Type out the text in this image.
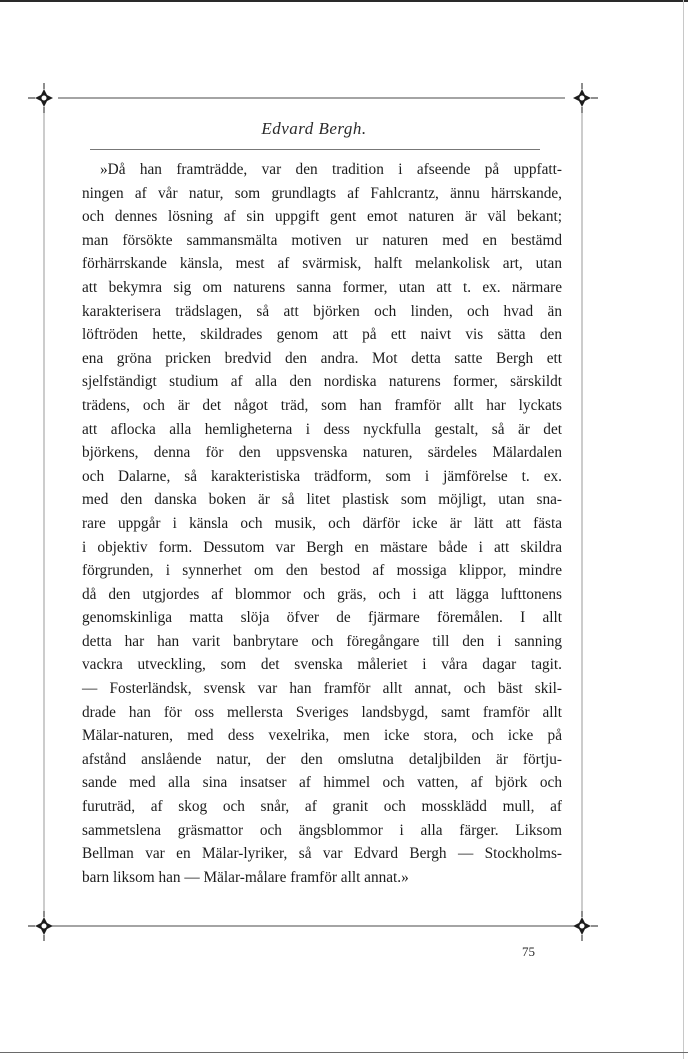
Edvard Bergh.
»Då han framträdde, var den tradition i afseende på uppfatt-
ningen af vår natur, som grundlagts af Fahlcrantz, ännu härrskande,
och dennes lösning af sin uppgift gent emot naturen är väl bekant;
man försökte sammansmälta motiven ur naturen med en bestämd
förhärrskande känsla, mest af svärmisk, halft melankolisk art, utan
att bekymra sig om naturens sanna former, utan att t. ex. närmare
karakterisera trädslagen, så att björken och linden, och hvad än
löftröden hette, skildrades genom att på ett naivt vis sätta den
ena gröna pricken bredvid den andra. Mot detta satte Bergh ett
sjelfständigt studium af alla den nordiska naturens former, särskildt
trädens, och är det något träd, som han framför allt har lyckats
att aflocka alla hemligheterna i dess nyckfulla gestalt, så är det
björkens, denna för den uppsvenska naturen, särdeles Mälardalen
och Dalarne, så karakteristiska trädform, som i jämförelse t. ex.
med den danska boken är så litet plastisk som möjligt, utan sna-
rare uppgår i känsla och musik, och därför icke är lätt att fästa
i objektiv form. Dessutom var Bergh en mästare både i att skildra
förgrunden, i synnerhet om den bestod af mossiga klippor, mindre
då den utgjordes af blommor och gräs, och i att lägga lufttonens
genomskinliga matta slöja öfver de fjärmare föremålen. I allt
detta har han varit banbrytare och föregångare till den i sanning
vackra utveckling, som det svenska måleriet i våra dagar tagit.
— Fosterländsk, svensk var han framför allt annat, och bäst skil-
drade han för oss mellersta Sveriges landsbygd, samt framför allt
Mälar-naturen, med dess vexelrika, men icke stora, och icke på
afstånd anslående natur, der den omslutna detaljbilden är förtju-
sande med alla sina insatser af himmel och vatten, af björk och
furuträd, af skog och snår, af granit och mossklädd mull, af
sammetslena gräsmattor och ängsblommor i alla färger. Liksom
Bellman var en Mälar-lyriker, så var Edvard Bergh — Stockholms-
barn liksom han — Mälar-målare framför allt annat.»
75
